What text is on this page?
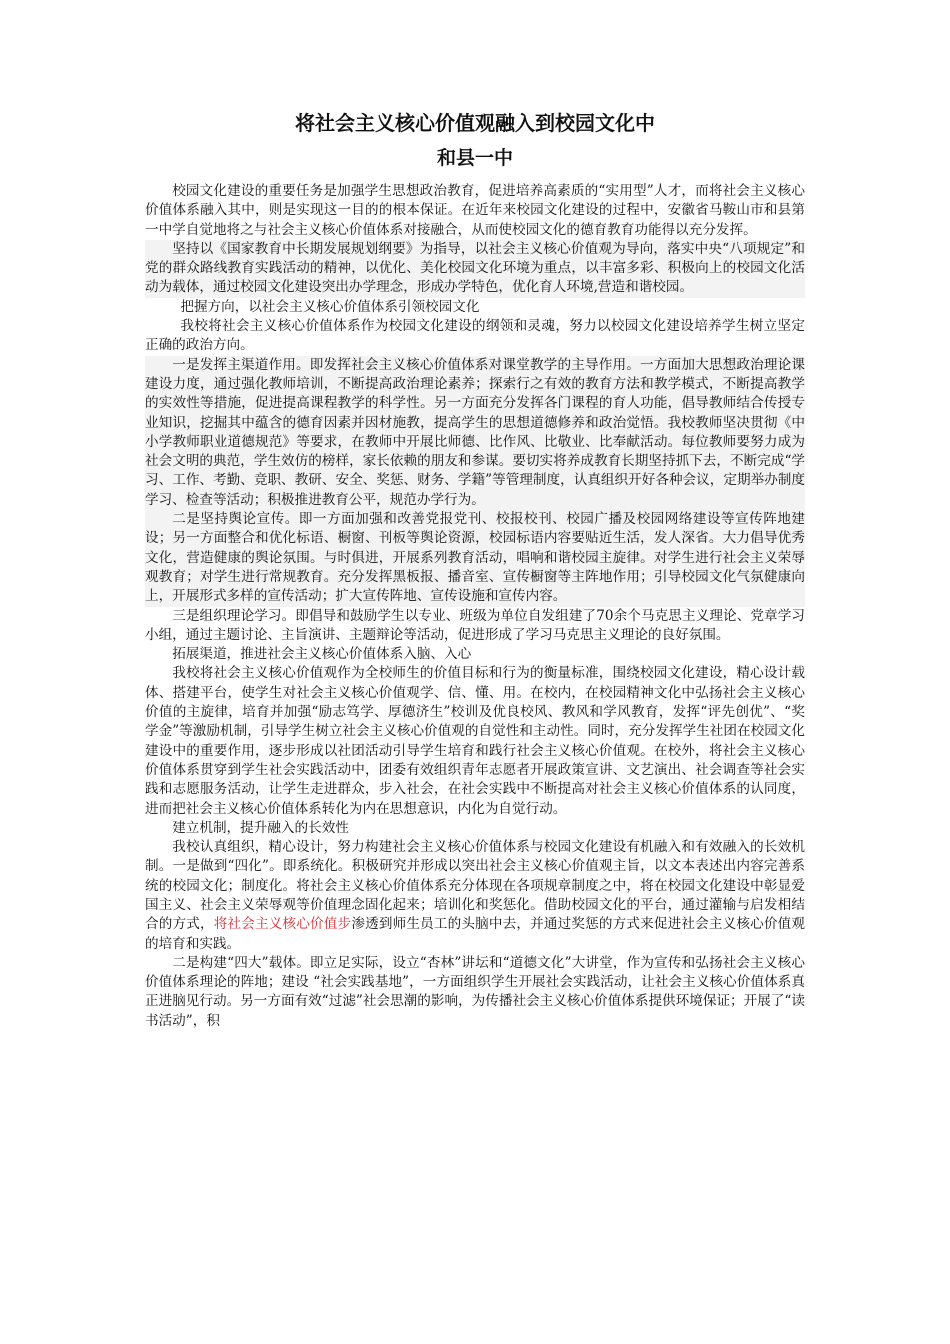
将社会主义核心价值观融入到校园文化中
和县一中

校园文化建设的重要任务是加强学生思想政治教育，促进培养高素质的“实用型”人才，而将社会主义核心价值体系融入其中，则是实现这一目的的根本保证。在近年来校园文化建设的过程中，安徽省马鞍山市和县第一中学自觉地将之与社会主义核心价值体系对接融合，从而使校园文化的德育教育功能得以充分发挥。

坚持以《国家教育中长期发展规划纲要》为指导，以社会主义核心价值观为导向，落实中央“八项规定”和党的群众路线教育实践活动的精神，以优化、美化校园文化环境为重点，以丰富多彩、积极向上的校园文化活动为载体，通过校园文化建设突出办学理念，形成办学特色，优化育人环境,营造和谐校园。

把握方向，以社会主义核心价值体系引领校园文化

我校将社会主义核心价值体系作为校园文化建设的纲领和灵魂，努力以校园文化建设培养学生树立坚定正确的政治方向。

一是发挥主渠道作用。即发挥社会主义核心价值体系对课堂教学的主导作用。一方面加大思想政治理论课建设力度，通过强化教师培训，不断提高政治理论素养；探索行之有效的教育方法和教学模式，不断提高教学的实效性等措施，促进提高课程教学的科学性。另一方面充分发挥各门课程的育人功能，倡导教师结合传授专业知识，挖掘其中蕴含的德育因素并因材施教，提高学生的思想道德修养和政治觉悟。我校教师坚决贯彻《中小学教师职业道德规范》等要求，在教师中开展比师德、比作风、比敬业、比奉献活动。每位教师要努力成为社会文明的典范，学生效仿的榜样，家长依赖的朋友和参谋。要切实将养成教育长期坚持抓下去，不断完成“学习、工作、考勤、竞职、教研、安全、奖惩、财务、学籍”等管理制度，认真组织开好各种会议，定期举办制度学习、检查等活动；积极推进教育公平，规范办学行为。

二是坚持舆论宣传。即一方面加强和改善党报党刊、校报校刊、校园广播及校园网络建设等宣传阵地建设；另一方面整合和优化标语、橱窗、刊板等舆论资源，校园标语内容要贴近生活，发人深省。大力倡导优秀文化，营造健康的舆论氛围。与时俱进，开展系列教育活动，唱响和谐校园主旋律。对学生进行社会主义荣辱观教育；对学生进行常规教育。充分发挥黑板报、播音室、宣传橱窗等主阵地作用；引导校园文化气氛健康向上，开展形式多样的宣传活动；扩大宣传阵地、宣传设施和宣传内容。

三是组织理论学习。即倡导和鼓励学生以专业、班级为单位自发组建了70余个马克思主义理论、党章学习小组，通过主题讨论、主旨演讲、主题辩论等活动，促进形成了学习马克思主义理论的良好氛围。

拓展渠道，推进社会主义核心价值体系入脑、入心

我校将社会主义核心价值观作为全校师生的价值目标和行为的衡量标准，围绕校园文化建设，精心设计载体、搭建平台，使学生对社会主义核心价值观学、信、懂、用。在校内，在校园精神文化中弘扬社会主义核心价值的主旋律，培育并加强“励志笃学、厚德济生”校训及优良校风、教风和学风教育，发挥“评先创优”、“奖学金”等激励机制，引导学生树立社会主义核心价值观的自觉性和主动性。同时，充分发挥学生社团在校园文化建设中的重要作用，逐步形成以社团活动引导学生培育和践行社会主义核心价值观。在校外，将社会主义核心价值体系贯穿到学生社会实践活动中，团委有效组织青年志愿者开展政策宣讲、文艺演出、社会调查等社会实践和志愿服务活动，让学生走进群众，步入社会，在社会实践中不断提高对社会主义核心价值体系的认同度，进而把社会主义核心价值体系转化为内在思想意识，内化为自觉行动。

建立机制，提升融入的长效性

我校认真组织，精心设计，努力构建社会主义核心价值体系与校园文化建设有机融入和有效融入的长效机制。一是做到“四化”。即系统化。积极研究并形成以突出社会主义核心价值观主旨，以文本表述出内容完善系统的校园文化；制度化。将社会主义核心价值体系充分体现在各项规章制度之中，将在校园文化建设中彰显爱国主义、社会主义荣辱观等价值理念固化起来；培训化和奖惩化。借助校园文化的平台，通过灌输与启发相结合的方式，将社会主义核心价值步渗透到师生员工的头脑中去，并通过奖惩的方式来促进社会主义核心价值观的培育和实践。

二是构建“四大”载体。即立足实际，设立“杏林”讲坛和“道德文化”大讲堂，作为宣传和弘扬社会主义核心价值体系理论的阵地；建设 “社会实践基地”，一方面组织学生开展社会实践活动，让社会主义核心价值体系真正进脑见行动。另一方面有效“过滤”社会思潮的影响，为传播社会主义核心价值体系提供环境保证；开展了“读书活动”，积
